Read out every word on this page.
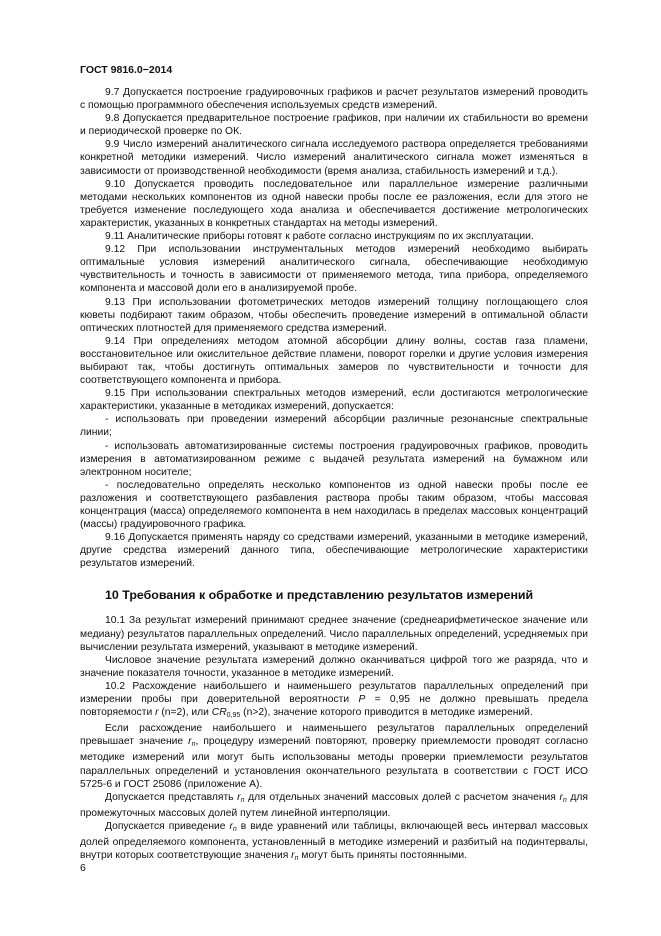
ГОСТ 9816.0−2014

9.7 Допускается построение градуировочных графиков и расчет результатов измерений проводить с помощью программного обеспечения используемых средств измерений.

9.8 Допускается предварительное построение графиков, при наличии их стабильности во времени и периодической проверке по ОК.

9.9 Число измерений аналитического сигнала исследуемого раствора определяется требованиями конкретной методики измерений. Число измерений аналитического сигнала может изменяться в зависимости от производственной необходимости (время анализа, стабильность измерений и т.д.).

9.10 Допускается проводить последовательное или параллельное измерение различными методами нескольких компонентов из одной навески пробы после ее разложения, если для этого не требуется изменение последующего хода анализа и обеспечивается достижение метрологических характеристик, указанных в конкретных стандартах на методы измерений.

9.11 Аналитические приборы готовят к работе согласно инструкциям по их эксплуатации.

9.12 При использовании инструментальных методов измерений необходимо выбирать оптимальные условия измерений аналитического сигнала, обеспечивающие необходимую чувствительность и точность в зависимости от применяемого метода, типа прибора, определяемого компонента и массовой доли его в анализируемой пробе.

9.13 При использовании фотометрических методов измерений толщину поглощающего слоя кюветы подбирают таким образом, чтобы обеспечить проведение измерений в оптимальной области оптических плотностей для применяемого средства измерений.

9.14 При определениях методом атомной абсорбции длину волны, состав газа пламени, восстановительное или окислительное действие пламени, поворот горелки и другие условия измерения выбирают так, чтобы достигнуть оптимальных замеров по чувствительности и точности для соответствующего компонента и прибора.

9.15 При использовании спектральных методов измерений, если достигаются метрологические характеристики, указанные в методиках измерений, допускается:

- использовать при проведении измерений абсорбции различные резонансные спектральные линии;

- использовать автоматизированные системы построения градуировочных графиков, проводить измерения в автоматизированном режиме с выдачей результата измерений на бумажном или электронном носителе;

- последовательно определять несколько компонентов из одной навески пробы после ее разложения и соответствующего разбавления раствора пробы таким образом, чтобы массовая концентрация (масса) определяемого компонента в нем находилась в пределах массовых концентраций (массы) градуировочного графика.

9.16 Допускается применять наряду со средствами измерений, указанными в методике измерений, другие средства измерений данного типа, обеспечивающие метрологические характеристики результатов измерений.

10 Требования к обработке и представлению результатов измерений

10.1 За результат измерений принимают среднее значение (среднеарифметическое значение или медиану) результатов параллельных определений. Число параллельных определений, усредняемых при вычислении результата измерений, указывают в методике измерений.

Числовое значение результата измерений должно оканчиваться цифрой того же разряда, что и значение показателя точности, указанное в методике измерений.

10.2 Расхождение наибольшего и наименьшего результатов параллельных определений при измерении пробы при доверительной вероятности P = 0,95 не должно превышать предела повторяемости r (n=2), или $CR_{0,95}$ (n>2), значение которого приводится в методике измерений.

Если расхождение наибольшего и наименьшего результатов параллельных определений превышает значение $r_n$, процедуру измерений повторяют, проверку приемлемости проводят согласно методике измерений или могут быть использованы методы проверки приемлемости результатов параллельных определений и установления окончательного результата в соответствии с ГОСТ ИСО 5725-6 и ГОСТ 25086 (приложение А).

Допускается представлять $r_n$ для отдельных значений массовых долей с расчетом значения $r_n$ для промежуточных массовых долей путем линейной интерполяции.

Допускается приведение $r_n$ в виде уравнений или таблицы, включающей весь интервал массовых долей определяемого компонента, установленный в методике измерений и разбитый на подинтервалы, внутри которых соответствующие значения $r_n$ могут быть приняты постоянными.

6
